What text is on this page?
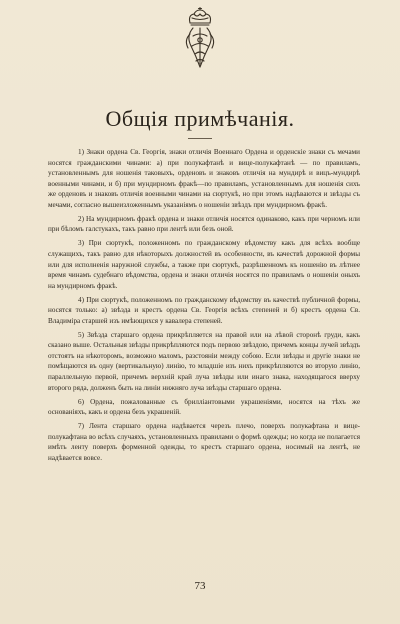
Общія примѣчанія.

1) Знаки ордена Св. Георгія, знаки отличія Военнаго Ордена и орденскіе знаки съ мечами носятся гражданскими чинами: а) при полукафтанѣ и вице-полукафтанѣ — по правиламъ, установленнымъ для ношенія таковыхъ, орденовъ и знаковъ отличія на мундирѣ и вицъ-мундирѣ военными чинами, и б) при мундирномъ фракѣ—по правиламъ, установленнымъ для ношенія сихъ же орденовъ и знаковъ отличія военными чинами на сюртукѣ, но при этомъ надѣваются и звѣзды съ мечами, согласно вышеизложеннымъ указаніямъ о ношеніи звѣздъ при мундирномъ фракѣ.

2) На мундирномъ фракѣ ордена и знаки отличія носятся одинаково, какъ при черномъ или при бѣломъ галстукахъ, такъ равно при лентѣ или безъ оной.

3) При сюртукѣ, положенномъ по гражданскому вѣдомству какъ для всѣхъ вообще служащихъ, такъ равно для нѣкоторыхъ должностей въ особенности, въ качествѣ дорожной формы или для исполненія наружной службы, а также при сюртукѣ, разрѣшенномъ къ ношенію въ лѣтнее время чинамъ судебнаго вѣдомства, ордена и знаки отличія носятся по правиламъ о ношеніи оныхъ на мундирномъ фракѣ.

4) При сюртукѣ, положенномъ по гражданскому вѣдомству въ качествѣ публичной формы, носятся только: а) звѣзда и крестъ ордена Св. Георгія всѣхъ степеней и б) крестъ ордена Св. Владиміра старшей изъ имѣющихся у кавалера степеней.

5) Звѣзда старшаго ордена прикрѣпляется на правой или на лѣвой сторонѣ груди, какъ сказано выше. Остальныя звѣзды прикрѣпляются подъ первою звѣздою, причемъ концы лучей звѣздъ отстоятъ на нѣкоторомъ, возможно маломъ, разстояніи между собою. Если звѣзды и другіе знаки не помѣщаются въ одну (вертикальную) линію, то младшіе изъ нихъ прикрѣпляются во вторую линію, параллельную первой, причемъ верхній край луча звѣзды или инаго знака, находящагося вверху второго ряда, долженъ быть на линіи нижняго луча звѣзды старшаго ордена.

6) Ордена, пожалованные съ брилліантовыми украшеніями, носятся на тѣхъ же основаніяхъ, какъ и ордена безъ украшеній.

7) Лента старшаго ордена надѣвается черезъ плечо, поверхъ полукафтана и вице-полукафтана во всѣхъ случаяхъ, установленныхъ правилами о формѣ одежды; но когда не полагается имѣть ленту поверхъ форменной одежды, то крестъ старшаго ордена, носимый на лентѣ, не надѣвается вовсе.

73
